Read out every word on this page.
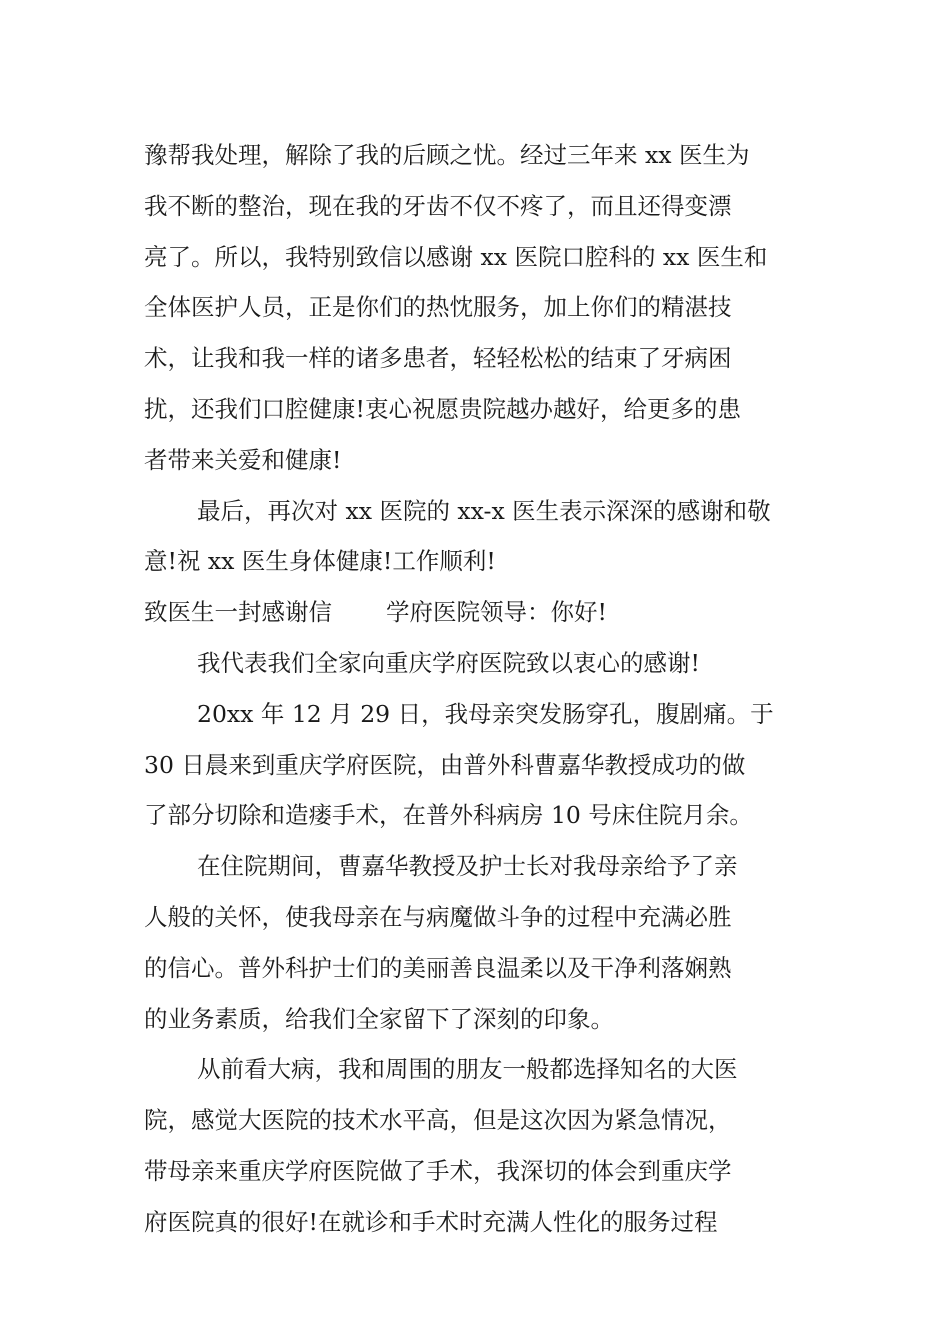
豫帮我处理，解除了我的后顾之忧。经过三年来 xx 医生为
我不断的整治，现在我的牙齿不仅不疼了，而且还得变漂
亮了。所以，我特别致信以感谢 xx 医院口腔科的 xx 医生和
全体医护人员，正是你们的热忱服务，加上你们的精湛技
术，让我和我一样的诸多患者，轻轻松松的结束了牙病困
扰，还我们口腔健康!衷心祝愿贵院越办越好，给更多的患
者带来关爱和健康!
最后，再次对 xx 医院的 xx-x 医生表示深深的感谢和敬
意!祝 xx 医生身体健康!工作顺利!
致医生一封感谢信 学府医院领导：你好!
我代表我们全家向重庆学府医院致以衷心的感谢!
20xx 年 12 月 29 日，我母亲突发肠穿孔，腹剧痛。于
30 日晨来到重庆学府医院，由普外科曹嘉华教授成功的做
了部分切除和造瘘手术，在普外科病房 10 号床住院月余。
在住院期间，曹嘉华教授及护士长对我母亲给予了亲
人般的关怀，使我母亲在与病魔做斗争的过程中充满必胜
的信心。普外科护士们的美丽善良温柔以及干净利落娴熟
的业务素质，给我们全家留下了深刻的印象。
从前看大病，我和周围的朋友一般都选择知名的大医
院，感觉大医院的技术水平高，但是这次因为紧急情况，
带母亲来重庆学府医院做了手术，我深切的体会到重庆学
府医院真的很好!在就诊和手术时充满人性化的服务过程
